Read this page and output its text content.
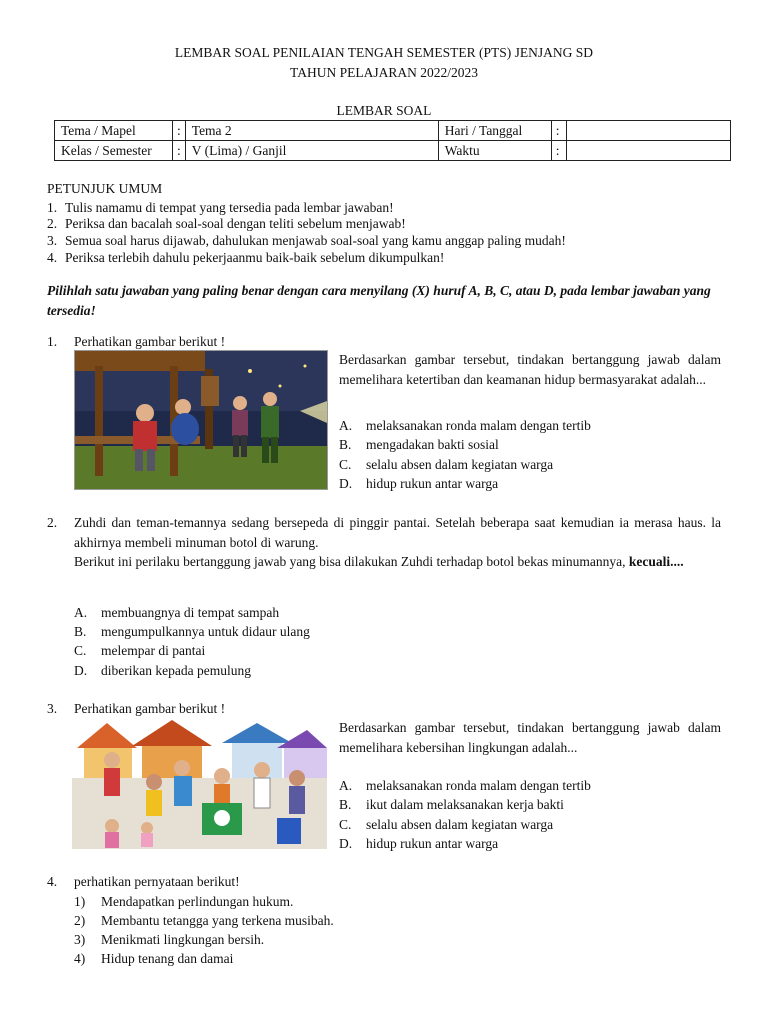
LEMBAR SOAL PENILAIAN TENGAH SEMESTER (PTS) JENJANG SD
TAHUN PELAJARAN 2022/2023
LEMBAR SOAL
Tema / Mapel	:	Tema 2	Hari / Tanggal	:	
Kelas / Semester	:	V (Lima) / Ganjil	Waktu	:	
PETUNJUK UMUM
1. Tulis namamu di tempat yang tersedia pada lembar jawaban!
2. Periksa dan bacalah soal-soal dengan teliti sebelum menjawab!
3. Semua soal harus dijawab, dahulukan menjawab soal-soal yang kamu anggap paling mudah!
4. Periksa terlebih dahulu pekerjaanmu baik-baik sebelum dikumpulkan!
Pilihlah satu jawaban yang paling benar dengan cara menyilang (X) huruf A, B, C, atau D, pada lembar jawaban yang tersedia!
1.	Perhatikan gambar berikut !
Berdasarkan gambar tersebut, tindakan bertanggung jawab dalam memelihara ketertiban dan keamanan hidup bermasyarakat adalah...
A. melaksanakan ronda malam dengan tertib
B. mengadakan bakti sosial
C. selalu absen dalam kegiatan warga
D. hidup rukun antar warga
2.	Zuhdi dan teman-temannya sedang bersepeda di pinggir pantai. Setelah beberapa saat kemudian ia merasa haus. la akhirnya membeli minuman botol di warung.
Berikut ini perilaku bertanggung jawab yang bisa dilakukan Zuhdi terhadap botol bekas minumannya, kecuali....
A. membuangnya di tempat sampah
B. mengumpulkannya untuk didaur ulang
C. melempar di pantai
D. diberikan kepada pemulung
3.	Perhatikan gambar berikut !
Berdasarkan gambar tersebut, tindakan bertanggung jawab dalam memelihara kebersihan lingkungan adalah...
A. melaksanakan ronda malam dengan tertib
B. ikut dalam melaksanakan kerja bakti
C. selalu absen dalam kegiatan warga
D. hidup rukun antar warga
4.	perhatikan pernyataan berikut!
1) Mendapatkan perlindungan hukum.
2) Membantu tetangga yang terkena musibah.
3) Menikmati lingkungan bersih.
4) Hidup tenang dan damai
